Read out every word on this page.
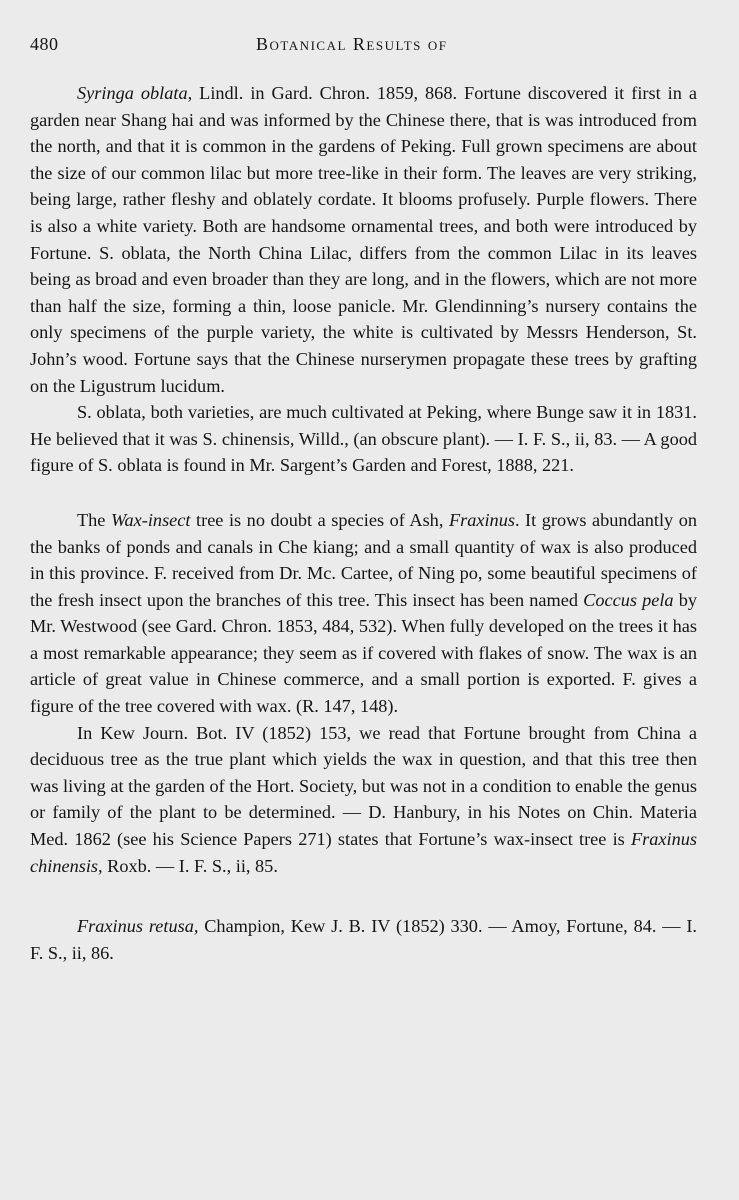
480	Botanical Results of

Syringa oblata, Lindl. in Gard. Chron. 1859, 868. Fortune discovered it first in a garden near Shang hai and was informed by the Chinese there, that is was introduced from the north, and that it is common in the gardens of Peking. Full grown specimens are about the size of our common lilac but more tree-like in their form. The leaves are very striking, being large, rather fleshy and oblately cordate. It blooms profusely. Purple flowers. There is also a white variety. Both are handsome ornamental trees, and both were introduced by Fortune. S. oblata, the North China Lilac, differs from the common Lilac in its leaves being as broad and even broader than they are long, and in the flowers, which are not more than half the size, forming a thin, loose panicle. Mr. Glendinning’s nursery contains the only specimens of the purple variety, the white is cultivated by Messrs Henderson, St. John’s wood. Fortune says that the Chinese nurserymen propagate these trees by grafting on the Ligustrum lucidum.

S. oblata, both varieties, are much cultivated at Peking, where Bunge saw it in 1831. He believed that it was S. chinensis, Willd., (an obscure plant). — I. F. S., ii, 83. — A good figure of S. oblata is found in Mr. Sargent’s Garden and Forest, 1888, 221.

The Wax-insect tree is no doubt a species of Ash, Fraxinus. It grows abundantly on the banks of ponds and canals in Che kiang; and a small quantity of wax is also produced in this province. F. received from Dr. Mc. Cartee, of Ning po, some beautiful specimens of the fresh insect upon the branches of this tree. This insect has been named Coccus pela by Mr. Westwood (see Gard. Chron. 1853, 484, 532). When fully developed on the trees it has a most remarkable appearance; they seem as if covered with flakes of snow. The wax is an article of great value in Chinese commerce, and a small portion is exported. F. gives a figure of the tree covered with wax. (R. 147, 148).

In Kew Journ. Bot. IV (1852) 153, we read that Fortune brought from China a deciduous tree as the true plant which yields the wax in question, and that this tree then was living at the garden of the Hort. Society, but was not in a condition to enable the genus or family of the plant to be determined. — D. Hanbury, in his Notes on Chin. Materia Med. 1862 (see his Science Papers 271) states that Fortune’s wax-insect tree is Fraxinus chinensis, Roxb. — I. F. S., ii, 85.

Fraxinus retusa, Champion, Kew J. B. IV (1852) 330. — Amoy, Fortune, 84. — I. F. S., ii, 86.
